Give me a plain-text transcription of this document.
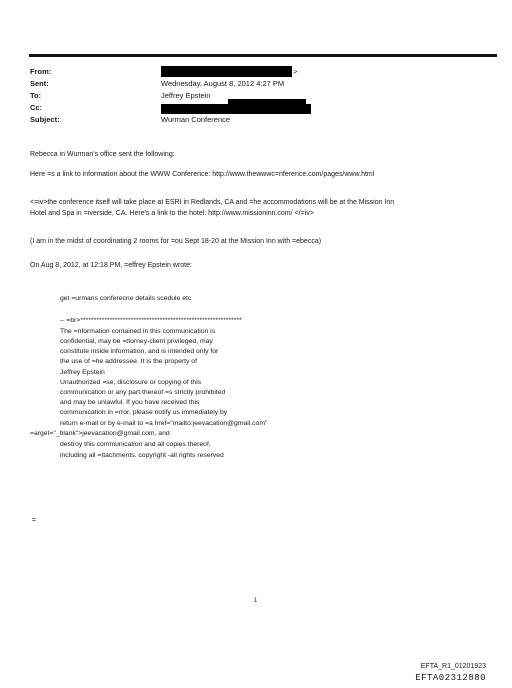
From:
Sent:
To:
Cc:
Subject:
>
Wednesday, August 8, 2012 4:27 PM
Jeffrey Epstein
Wurman Conference
Rebecca in Wurman's office sent the following:
Here =s a link to information about the WWW Conference: http://www.thewwwc=nference.com/pages/www.html
<=iv>the conference itself will take place at ESRI in Redlands, CA and =he accommodations will be at the Mission Inn
Hotel and Spa in =iverside, CA. Here's a link to the hotel: http://www.missioninn.com/ </=iv>
(I am in the midst of coordinating 2 rooms for =ou Sept 18-20 at the Mission Inn with =ebecca)
On Aug 8, 2012, at 12:18 PM, =effrey Epstein wrote:
get =urmans conferecne details scedule etc
-- =br>*************************************************************
The =nformation contained in this communication is
confidential, may be =ttorney-client privileged, may
constitute inside information, and is intended only for
the use of =he addressee. It is the property of
Jeffrey Epstein
Unauthorized =se, disclosure or copying of this
communication or any part thereof =s strictly prohibited
and may be unlawful. If you have received this
communication in =rror, please notify us immediately by
return e-mail or by e-mail to =a href="mailto:jeevacation@gmail.com"
=arget="_blank">jeevacation@gmail.com, and
destroy this communication and all copies thereof,
including all =ttachments. copyright -all rights reserved
=
1
EFTA_R1_01201923
EFTA02312880
